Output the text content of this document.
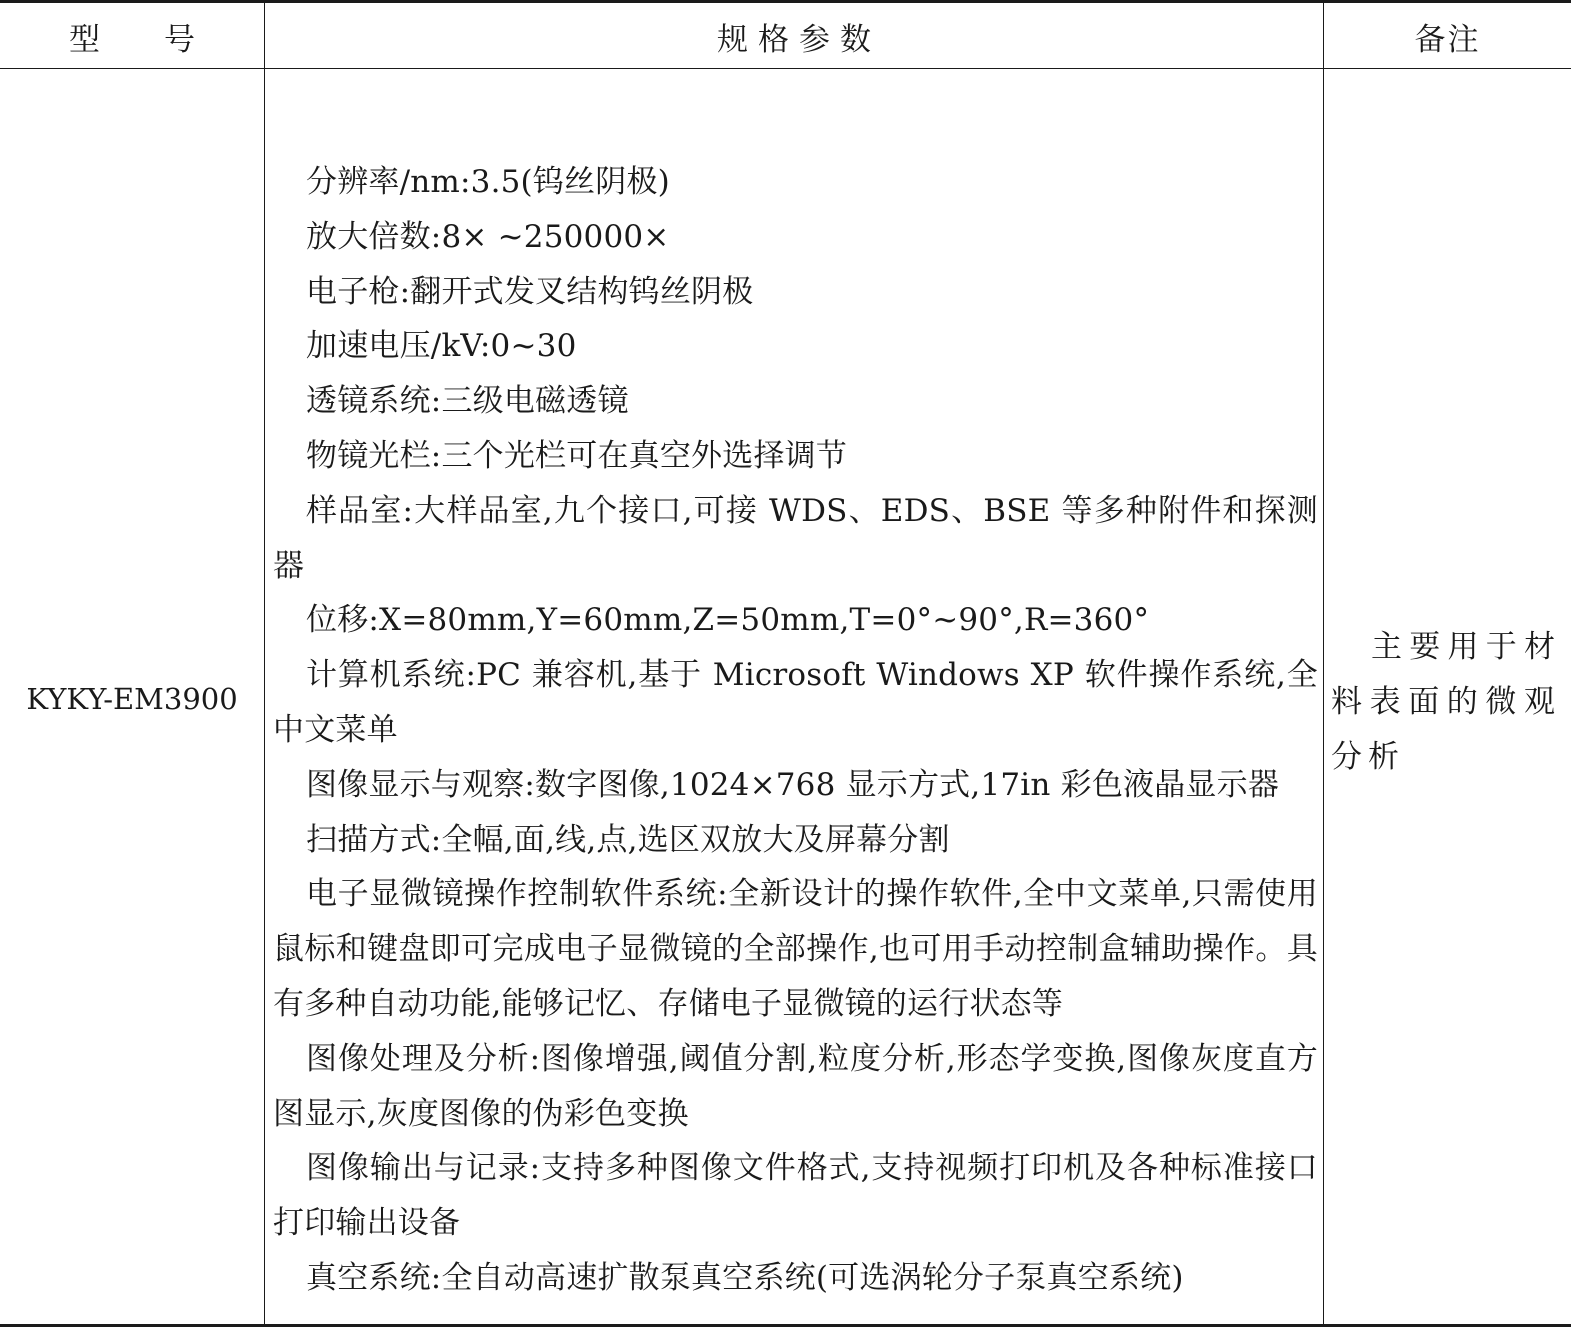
型号	规格参数	备注
KYKY-EM3900
分辨率/nm:3.5(钨丝阴极)
放大倍数:8× ~250000×
电子枪:翻开式发叉结构钨丝阴极
加速电压/kV:0~30
透镜系统:三级电磁透镜
物镜光栏:三个光栏可在真空外选择调节
样品室:大样品室,九个接口,可接 WDS、EDS、BSE 等多种附件和探测器
位移:X=80mm,Y=60mm,Z=50mm,T=0°~90°,R=360°
计算机系统:PC 兼容机,基于 Microsoft Windows XP 软件操作系统,全中文菜单
图像显示与观察:数字图像,1024×768 显示方式,17in 彩色液晶显示器
扫描方式:全幅,面,线,点,选区双放大及屏幕分割
电子显微镜操作控制软件系统:全新设计的操作软件,全中文菜单,只需使用鼠标和键盘即可完成电子显微镜的全部操作,也可用手动控制盒辅助操作。具有多种自动功能,能够记忆、存储电子显微镜的运行状态等
图像处理及分析:图像增强,阈值分割,粒度分析,形态学变换,图像灰度直方图显示,灰度图像的伪彩色变换
图像输出与记录:支持多种图像文件格式,支持视频打印机及各种标准接口打印输出设备
真空系统:全自动高速扩散泵真空系统(可选涡轮分子泵真空系统)
主要用于材料表面的微观分析
